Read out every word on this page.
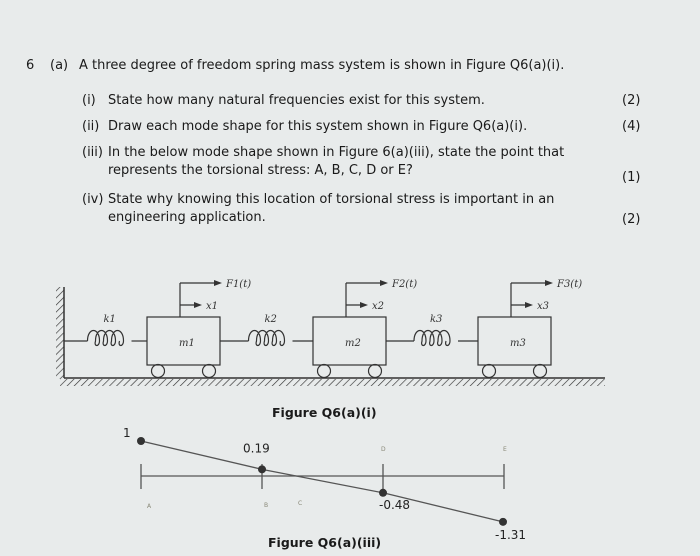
6 (a) A three degree of freedom spring mass system is shown in Figure Q6(a)(i).
(i) State how many natural frequencies exist for this system.	(2)
(ii) Draw each mode shape for this system shown in Figure Q6(a)(i).	(4)
(iii) In the below mode shape shown in Figure 6(a)(iii), state the point that
represents the torsional stress: A, B, C, D or E?	(1)
(iv) State why knowing this location of torsional stress is important in an
engineering application.	(2)
k1
m1
F1(t)
x1
k2
m2
F2(t)
x2
k3
m3
F3(t)
x3
1
0.19
-0.48
-1.31
A	B	C
D	E
Figure Q6(a)(i)
Figure Q6(a)(iii)
